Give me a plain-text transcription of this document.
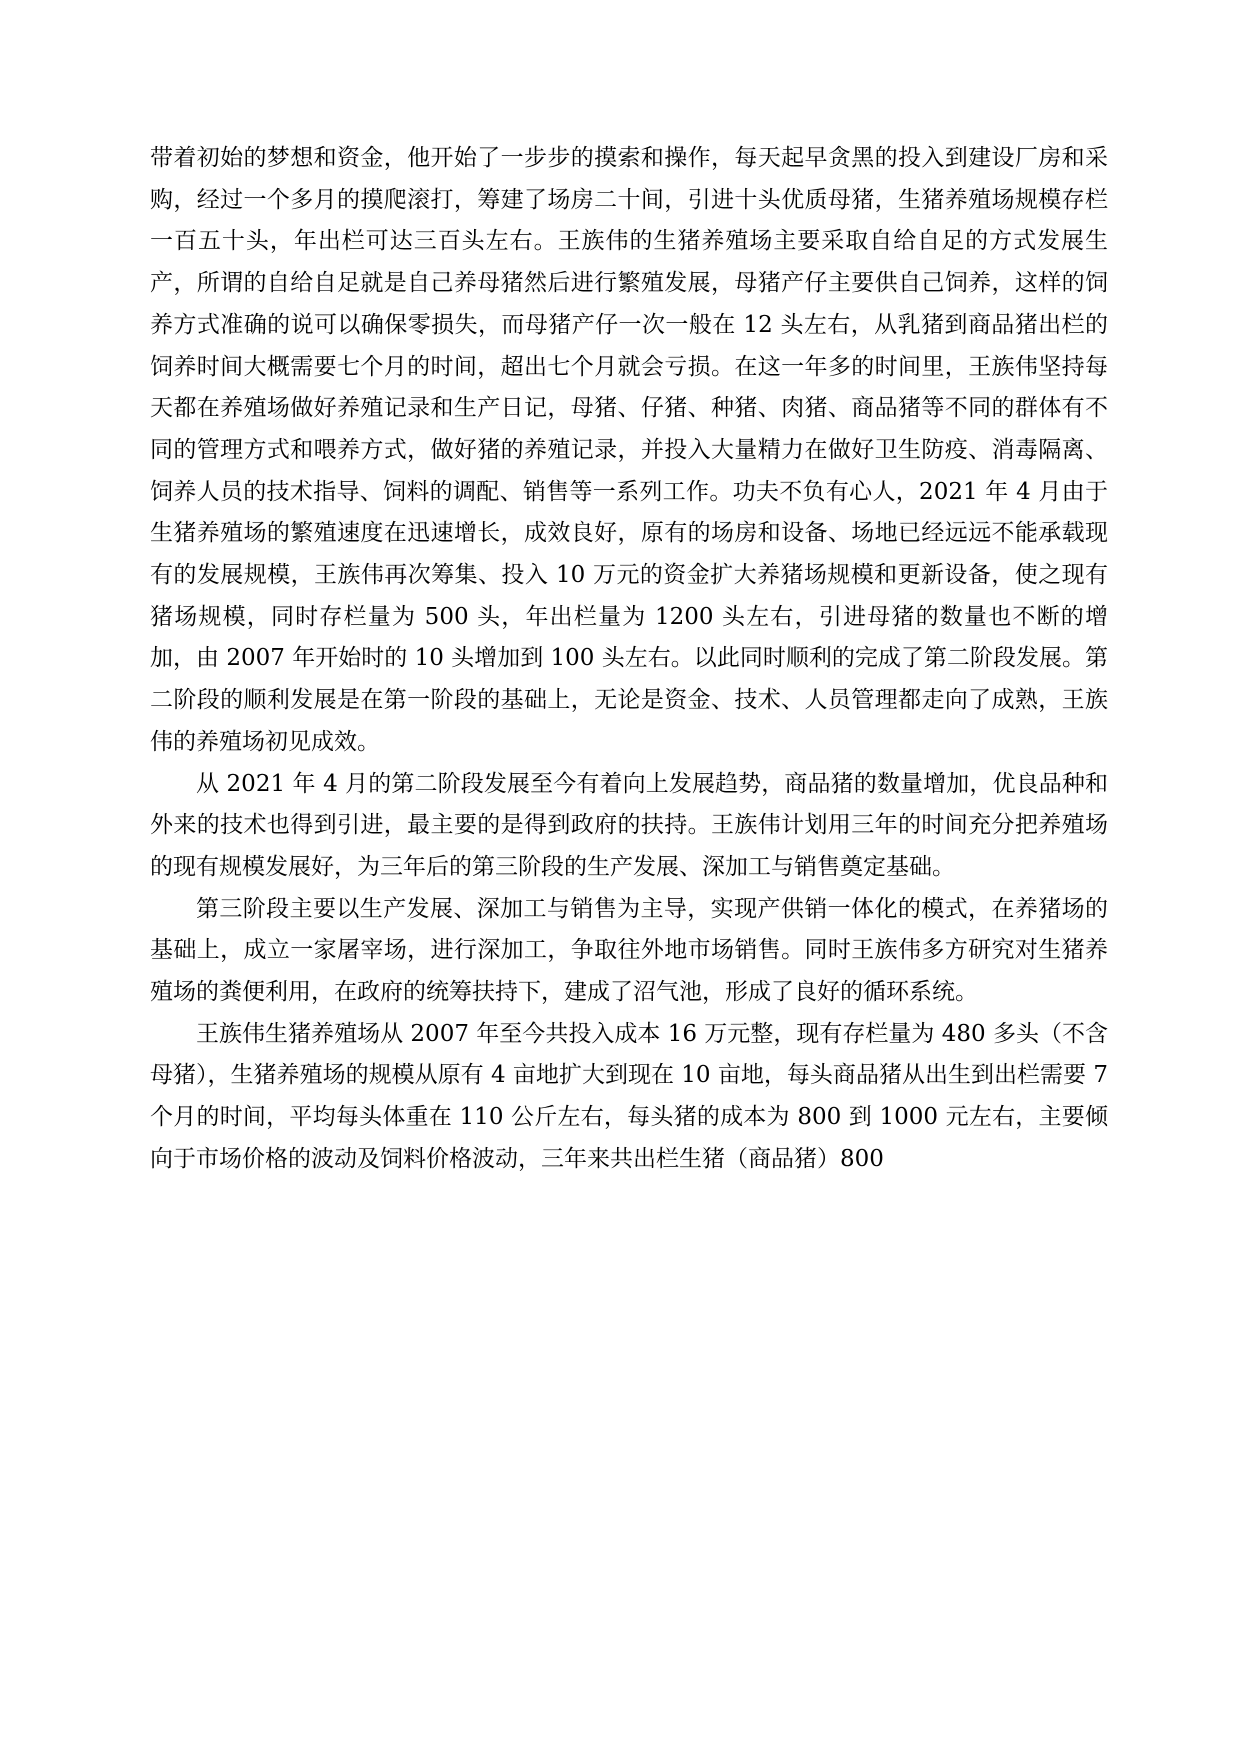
带着初始的梦想和资金，他开始了一步步的摸索和操作，每天起早贪黑的投入到建设厂房和采购，经过一个多月的摸爬滚打，筹建了场房二十间，引进十头优质母猪，生猪养殖场规模存栏一百五十头，年出栏可达三百头左右。王族伟的生猪养殖场主要采取自给自足的方式发展生产，所谓的自给自足就是自己养母猪然后进行繁殖发展，母猪产仔主要供自己饲养，这样的饲养方式准确的说可以确保零损失，而母猪产仔一次一般在 12 头左右，从乳猪到商品猪出栏的饲养时间大概需要七个月的时间，超出七个月就会亏损。在这一年多的时间里，王族伟坚持每天都在养殖场做好养殖记录和生产日记，母猪、仔猪、种猪、肉猪、商品猪等不同的群体有不同的管理方式和喂养方式，做好猪的养殖记录，并投入大量精力在做好卫生防疫、消毒隔离、饲养人员的技术指导、饲料的调配、销售等一系列工作。功夫不负有心人，2021 年 4 月由于生猪养殖场的繁殖速度在迅速增长，成效良好，原有的场房和设备、场地已经远远不能承载现有的发展规模，王族伟再次筹集、投入 10 万元的资金扩大养猪场规模和更新设备，使之现有猪场规模，同时存栏量为 500 头，年出栏量为 1200 头左右，引进母猪的数量也不断的增加，由 2007 年开始时的 10 头增加到 100 头左右。以此同时顺利的完成了第二阶段发展。第二阶段的顺利发展是在第一阶段的基础上，无论是资金、技术、人员管理都走向了成熟，王族伟的养殖场初见成效。

从 2021 年 4 月的第二阶段发展至今有着向上发展趋势，商品猪的数量增加，优良品种和外来的技术也得到引进，最主要的是得到政府的扶持。王族伟计划用三年的时间充分把养殖场的现有规模发展好，为三年后的第三阶段的生产发展、深加工与销售奠定基础。

第三阶段主要以生产发展、深加工与销售为主导，实现产供销一体化的模式，在养猪场的基础上，成立一家屠宰场，进行深加工，争取往外地市场销售。同时王族伟多方研究对生猪养殖场的粪便利用，在政府的统筹扶持下，建成了沼气池，形成了良好的循环系统。

王族伟生猪养殖场从 2007 年至今共投入成本 16 万元整，现有存栏量为 480 多头（不含母猪），生猪养殖场的规模从原有 4 亩地扩大到现在 10 亩地，每头商品猪从出生到出栏需要 7 个月的时间，平均每头体重在 110 公斤左右，每头猪的成本为 800 到 1000 元左右，主要倾向于市场价格的波动及饲料价格波动，三年来共出栏生猪（商品猪）800
